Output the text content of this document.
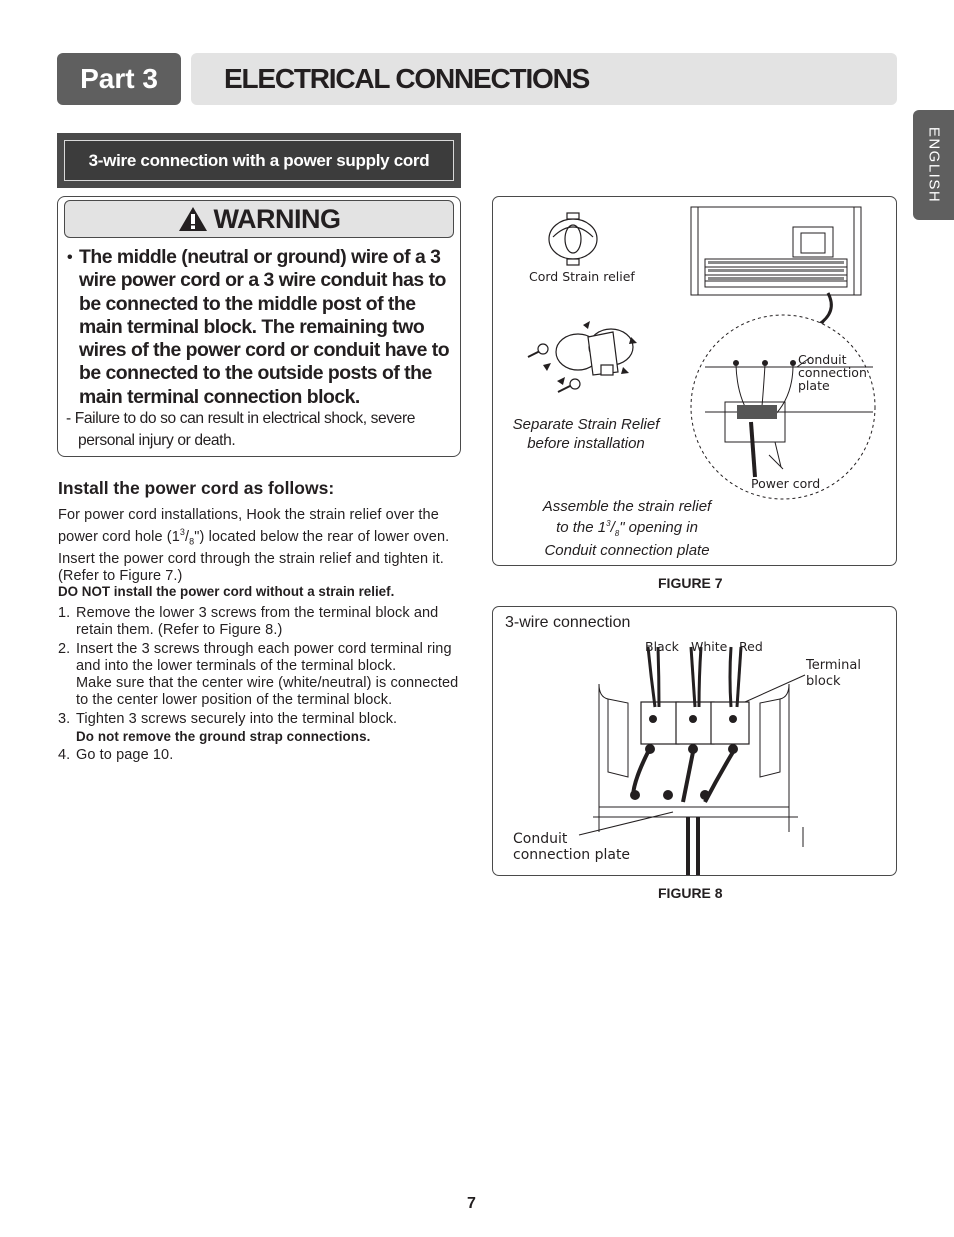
Part 3 ELECTRICAL CONNECTIONS
ENGLISH
3-wire connection with a power supply cord
WARNING
• The middle (neutral or ground) wire of a 3 wire power cord or a 3 wire conduit has to be connected to the middle post of the main terminal block. The remaining two wires of the power cord or conduit have to be connected to the outside posts of the main terminal connection block.
- Failure to do so can result in electrical shock, severe personal injury or death.
Install the power cord as follows:
For power cord installations, Hook the strain relief over the power cord hole $(1^3/_8")$ located below the rear of lower oven. Insert the power cord through the strain relief and tighten it. (Refer to Figure 7.)
DO NOT install the power cord without a strain relief.

1. Remove the lower 3 screws from the terminal block and retain them. (Refer to Figure 8.)

2. Insert the 3 screws through each power cord terminal ring and into the lower terminals of the terminal block.
Make sure that the center wire (white/neutral) is connected to the center lower position of the terminal block.

3. Tighten 3 screws securely into the terminal block.
Do not remove the ground strap connections.

4. Go to page 10.

Cord Strain relief
Conduit
connection
plate
Separate Strain Relief
before installation
Power cord
Assemble the strain relief
to the $1^3/_8$" opening in
Conduit connection plate
FIGURE 7
3-wire connection
Black White Red
Terminal
block
Conduit
connection plate
FIGURE 8
7
